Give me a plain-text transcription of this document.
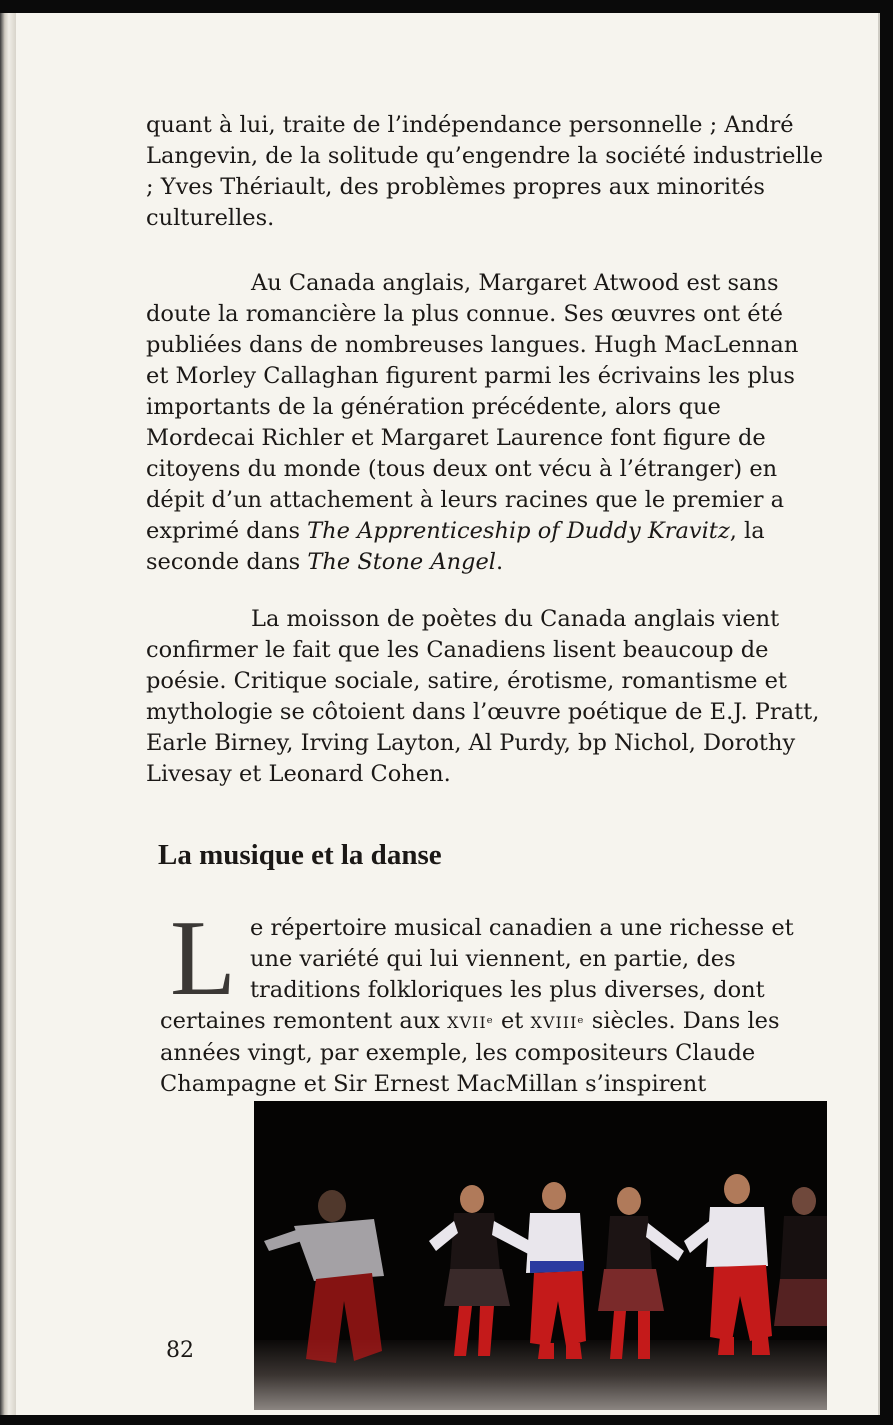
quant à lui, traite de l’indépendance personnelle ; André Langevin, de la solitude qu’engendre la société industrielle ; Yves Thériault, des problèmes propres aux minorités culturelles.

Au Canada anglais, Margaret Atwood est sans doute la romancière la plus connue. Ses œuvres ont été publiées dans de nombreuses langues. Hugh MacLennan et Morley Callaghan figurent parmi les écrivains les plus importants de la génération précédente, alors que Mordecai Richler et Margaret Laurence font figure de citoyens du monde (tous deux ont vécu à l’étranger) en dépit d’un attachement à leurs racines que le premier a exprimé dans The Apprenticeship of Duddy Kravitz, la seconde dans The Stone Angel.

La moisson de poètes du Canada anglais vient confirmer le fait que les Canadiens lisent beaucoup de poésie. Critique sociale, satire, érotisme, romantisme et mythologie se côtoient dans l’œuvre poétique de E.J. Pratt, Earle Birney, Irving Layton, Al Purdy, bp Nichol, Dorothy Livesay et Leonard Cohen.

La musique et la danse

Le répertoire musical canadien a une richesse et une variété qui lui viennent, en partie, des traditions folkloriques les plus diverses, dont certaines remontent aux XVIIᵉ et XVIIIᵉ siècles. Dans les années vingt, par exemple, les compositeurs Claude Champagne et Sir Ernest MacMillan s’inspirent

82
